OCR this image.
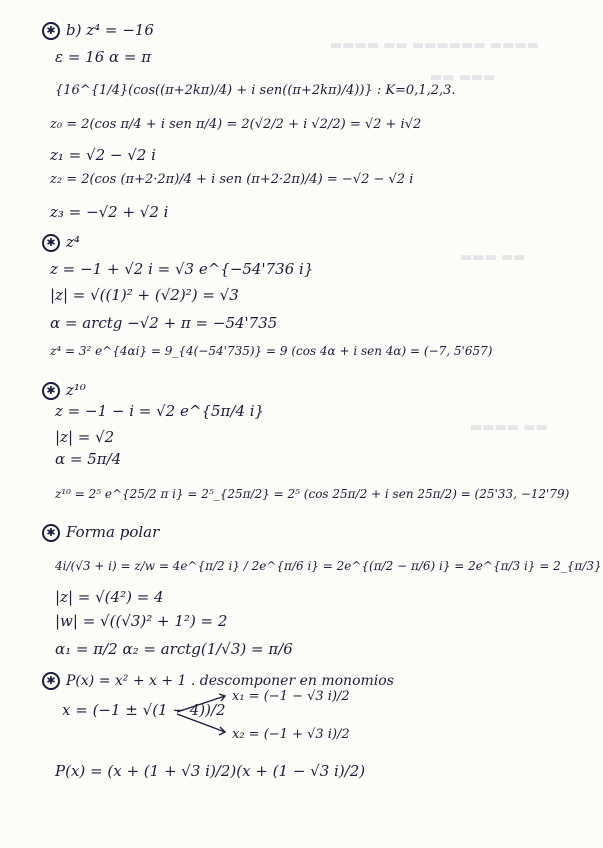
▬▬▬▬ ▬▬ ▬▬▬▬▬▬ ▬▬▬▬
▬▬ ▬▬▬
▬▬▬ ▬▬
▬▬▬▬ ▬▬
✱ b) z⁴ = −16
ε = 16 α = π
{16^{1/4}(cos((π+2kπ)/4) + i sen((π+2kπ)/4))} : K=0,1,2,3.
z₀ = 2(cos π/4 + i sen π/4) = 2(√2/2 + i √2/2) = √2 + i√2
z₁ = √2 − √2 i
z₂ = 2(cos (π+2·2π)/4 + i sen (π+2·2π)/4) = −√2 − √2 i
z₃ = −√2 + √2 i
✱ z⁴
z = −1 + √2 i = √3 e^{−54'736 i}
|z| = √((1)² + (√2)²) = √3
α = arctg −√2 + π = −54'735
z⁴ = 3² e^{4αi} = 9_{4(−54'735)} = 9 (cos 4α + i sen 4α) = (−7, 5'657)
✱ z¹⁰
z = −1 − i = √2 e^{5π/4 i}
|z| = √2
α = 5π/4
z¹⁰ = 2⁵ e^{25/2 π i} = 2⁵_{25π/2} = 2⁵ (cos 25π/2 + i sen 25π/2) = (25'33, −12'79)
✱ Forma polar
4i/(√3 + i) = z/w = 4e^{π/2 i} / 2e^{π/6 i} = 2e^{(π/2 − π/6) i} = 2e^{π/3 i} = 2_{π/3}
|z| = √(4²) = 4
|w| = √((√3)² + 1²) = 2
α₁ = π/2 α₂ = arctg(1/√3) = π/6
✱ P(x) = x² + x + 1 . descomponer en monomios
x = (−1 ± √(1 − 4))/2
x₁ = (−1 − √3 i)/2
x₂ = (−1 + √3 i)/2
P(x) = (x + (1 + √3 i)/2)(x + (1 − √3 i)/2)
